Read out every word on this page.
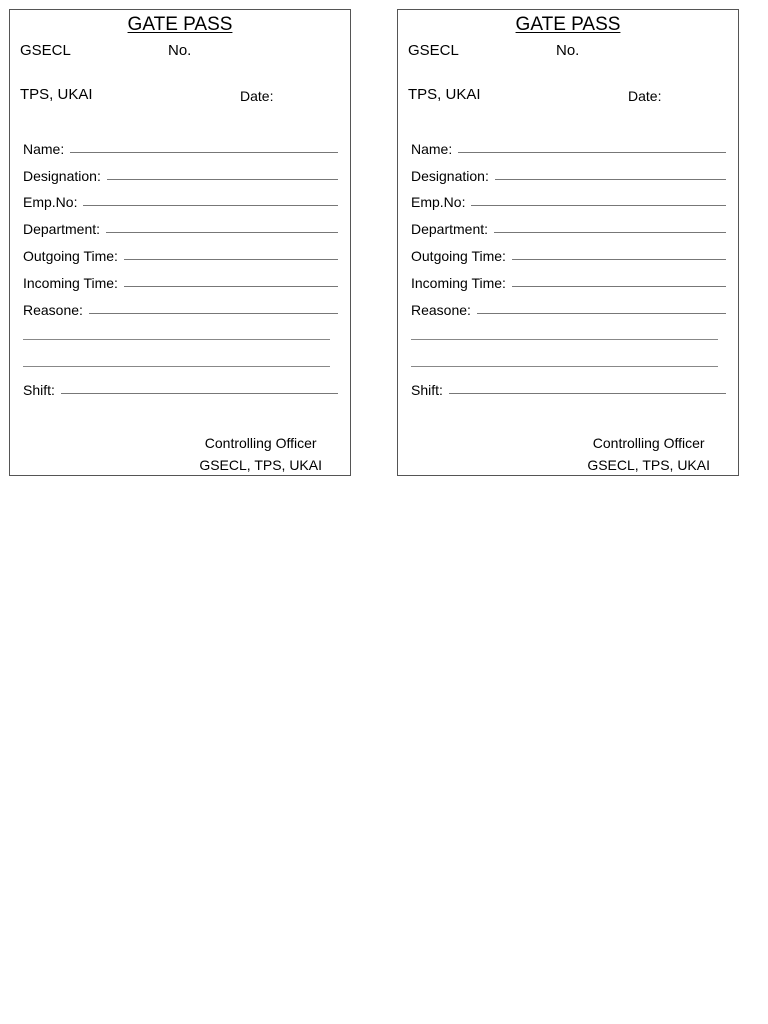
GATE PASS
GSECL	No.
TPS, UKAI	Date:
Name:
Designation:
Emp.No:
Department:
Outgoing Time:
Incoming Time:
Reasone:
Shift:
Controlling Officer
GSECL, TPS, UKAI
GATE PASS
GSECL	No.
TPS, UKAI	Date:
Name:
Designation:
Emp.No:
Department:
Outgoing Time:
Incoming Time:
Reasone:
Shift:
Controlling Officer
GSECL, TPS, UKAI
